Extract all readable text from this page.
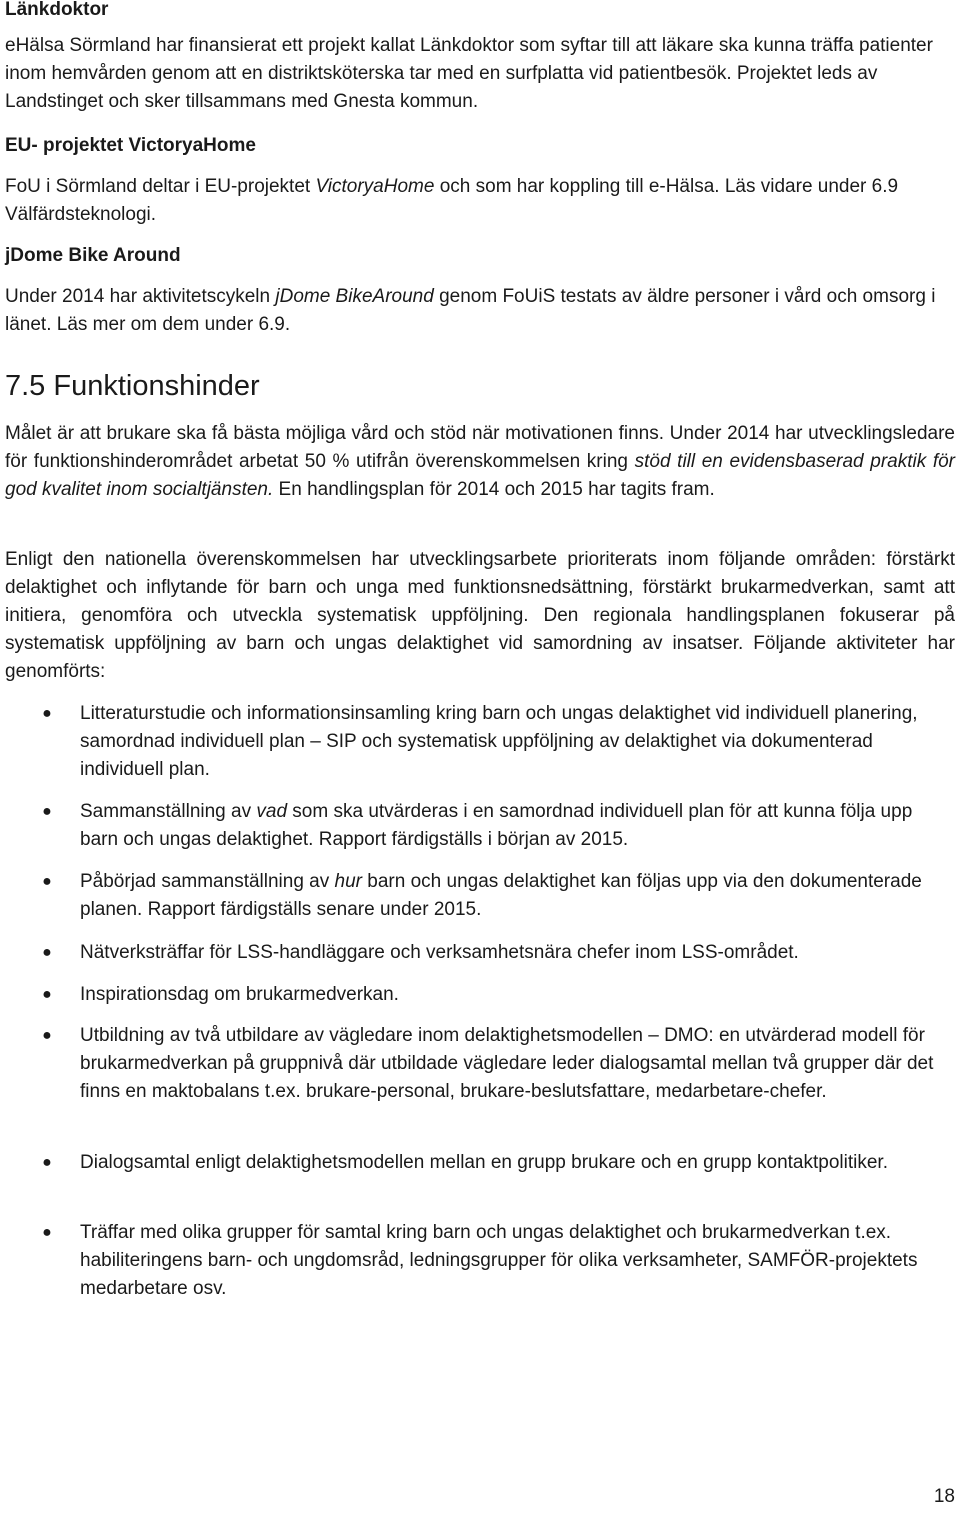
Länkdoktor

eHälsa Sörmland har finansierat ett projekt kallat Länkdoktor som syftar till att läkare ska kunna träffa patienter inom hemvården genom att en distriktsköterska tar med en surfplatta vid patientbesök. Projektet leds av Landstinget och sker tillsammans med Gnesta kommun.

EU- projektet VictoryaHome

FoU i Sörmland deltar i EU-projektet VictoryaHome och som har koppling till e-Hälsa. Läs vidare under 6.9 Välfärdsteknologi.

jDome Bike Around

Under 2014 har aktivitetscykeln jDome BikeAround genom FoUiS testats av äldre personer i vård och omsorg i länet. Läs mer om dem under 6.9.

7.5 Funktionshinder

Målet är att brukare ska få bästa möjliga vård och stöd när motivationen finns. Under 2014 har utvecklingsledare för funktionshinderområdet arbetat 50 % utifrån överenskommelsen kring stöd till en evidensbaserad praktik för god kvalitet inom socialtjänsten. En handlingsplan för 2014 och 2015 har tagits fram.

Enligt den nationella överenskommelsen har utvecklingsarbete prioriterats inom följande områden: förstärkt delaktighet och inflytande för barn och unga med funktionsnedsättning, förstärkt brukarmedverkan, samt att initiera, genomföra och utveckla systematisk uppföljning. Den regionala handlingsplanen fokuserar på systematisk uppföljning av barn och ungas delaktighet vid samordning av insatser. Följande aktiviteter har genomförts:

● Litteraturstudie och informationsinsamling kring barn och ungas delaktighet vid individuell planering, samordnad individuell plan – SIP och systematisk uppföljning av delaktighet via dokumenterad individuell plan.
● Sammanställning av vad som ska utvärderas i en samordnad individuell plan för att kunna följa upp barn och ungas delaktighet. Rapport färdigställs i början av 2015.
● Påbörjad sammanställning av hur barn och ungas delaktighet kan följas upp via den dokumenterade planen. Rapport färdigställs senare under 2015.
● Nätverksträffar för LSS-handläggare och verksamhetsnära chefer inom LSS-området.
● Inspirationsdag om brukarmedverkan.
● Utbildning av två utbildare av vägledare inom delaktighetsmodellen – DMO: en utvärderad modell för brukarmedverkan på gruppnivå där utbildade vägledare leder dialogsamtal mellan två grupper där det finns en maktobalans t.ex. brukare-personal, brukare-beslutsfattare, medarbetare-chefer.
● Dialogsamtal enligt delaktighetsmodellen mellan en grupp brukare och en grupp kontaktpolitiker.
● Träffar med olika grupper för samtal kring barn och ungas delaktighet och brukarmedverkan t.ex. habiliteringens barn- och ungdomsråd, ledningsgrupper för olika verksamheter, SAMFÖR-projektets medarbetare osv.
18
